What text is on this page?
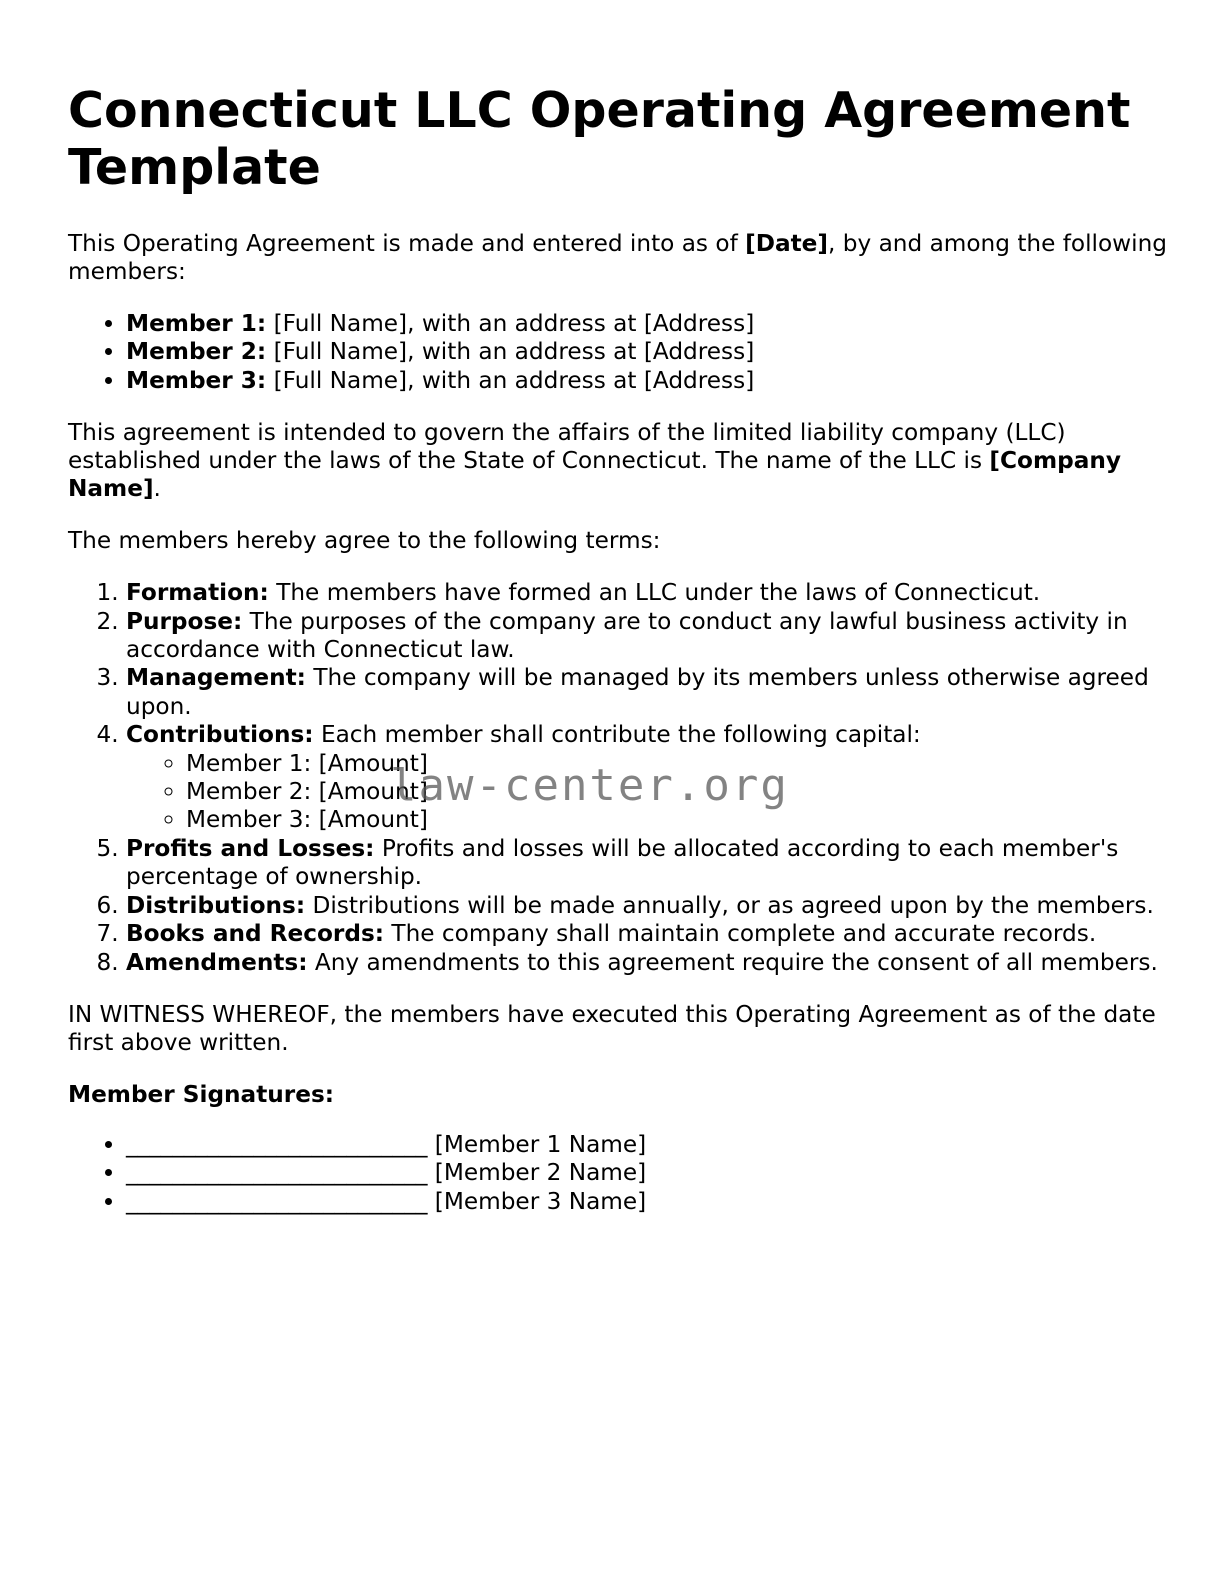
Connecticut LLC Operating Agreement Template

This Operating Agreement is made and entered into as of [Date], by and among the following members:

• Member 1: [Full Name], with an address at [Address]
• Member 2: [Full Name], with an address at [Address]
• Member 3: [Full Name], with an address at [Address]

This agreement is intended to govern the affairs of the limited liability company (LLC) established under the laws of the State of Connecticut. The name of the LLC is [Company Name].

The members hereby agree to the following terms:

1. Formation: The members have formed an LLC under the laws of Connecticut.
2. Purpose: The purposes of the company are to conduct any lawful business activity in accordance with Connecticut law.
3. Management: The company will be managed by its members unless otherwise agreed upon.
4. Contributions: Each member shall contribute the following capital:
◦ Member 1: [Amount]
◦ Member 2: [Amount]
◦ Member 3: [Amount]
5. Profits and Losses: Profits and losses will be allocated according to each member's percentage of ownership.
6. Distributions: Distributions will be made annually, or as agreed upon by the members.
7. Books and Records: The company shall maintain complete and accurate records.
8. Amendments: Any amendments to this agreement require the consent of all members.

IN WITNESS WHEREOF, the members have executed this Operating Agreement as of the date first above written.

Member Signatures:

• __________________________ [Member 1 Name]
• __________________________ [Member 2 Name]
• __________________________ [Member 3 Name]
law-center.org
